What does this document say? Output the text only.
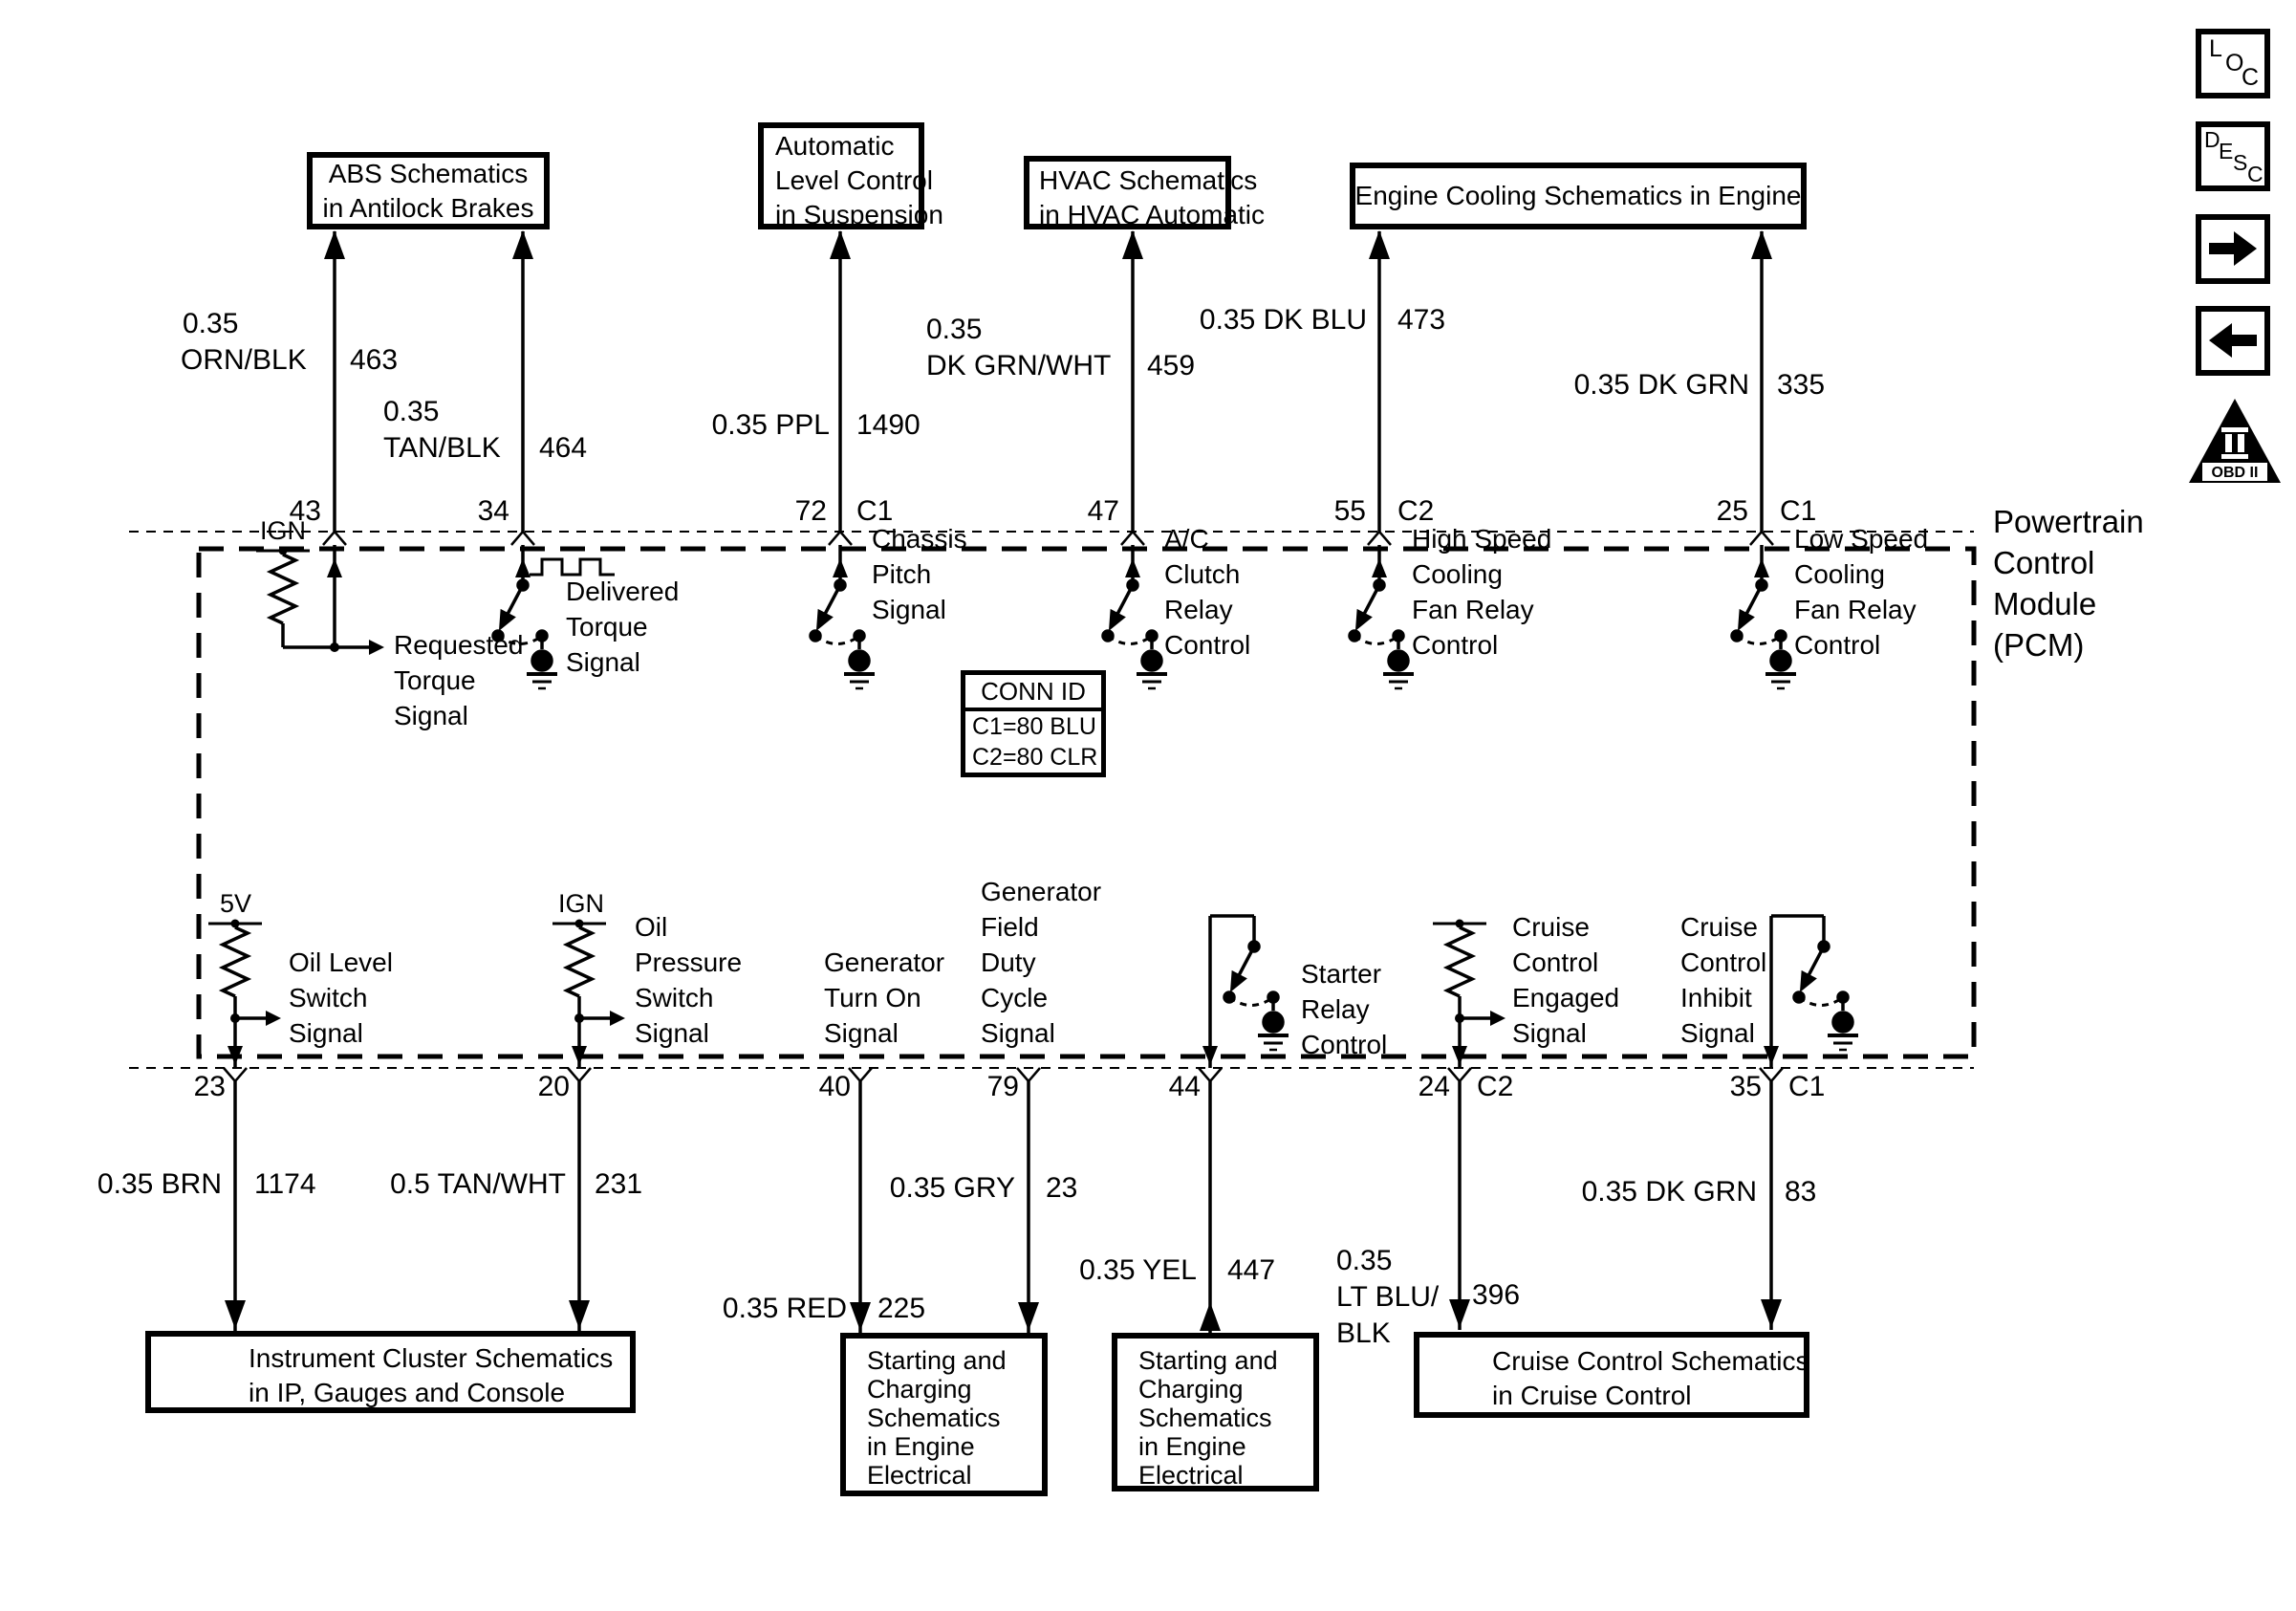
ABS Schematics
in Antilock Brakes
Automatic
Level Control
in Suspension
HVAC Schematics
in HVAC Automatic
Engine Cooling Schematics in Engine
0.35
ORN/BLK 463
0.35
TAN/BLK 464
0.35 PPL 1490
0.35
DK GRN/WHT 459
0.35 DK BLU 473
0.35 DK GRN 335
43	34	72 C1	47	55 C2	25 C1	Powertrain
Control
Module
(PCM)
CONN ID
C1=80 BLU
C2=80 CLR
IGN
Requested
Torque
Signal
Delivered
Torque
Signal
Chassis
Pitch
Signal
A/C
Clutch
Relay
Control
High Speed
Cooling
Fan Relay
Control
Low Speed
Cooling
Fan Relay
Control
5V
Oil Level
Switch
Signal
IGN
Oil
Pressure
Switch
Signal
Generator
Turn On
Signal
Generator
Field
Duty
Cycle
Signal
Starter
Relay
Control
Cruise
Control
Engaged
Signal
Cruise
Control
Inhibit
Signal
23	20	40	79	44	24 C2	35 C1
0.35 BRN 1174	0.5 TAN/WHT 231	0.35 GRY 23
0.35 RED 225
0.35 YEL 447 0.35
LT BLU/
BLK
396
0.35 DK GRN 83
Instrument Cluster Schematics
in IP, Gauges and Console
Starting and
Charging
Schematics
in Engine
Electrical
Starting and
Charging
Schematics
in Engine
Electrical
Cruise Control Schematics
in Cruise Control
L
O
C
D
E S C
OBD II
